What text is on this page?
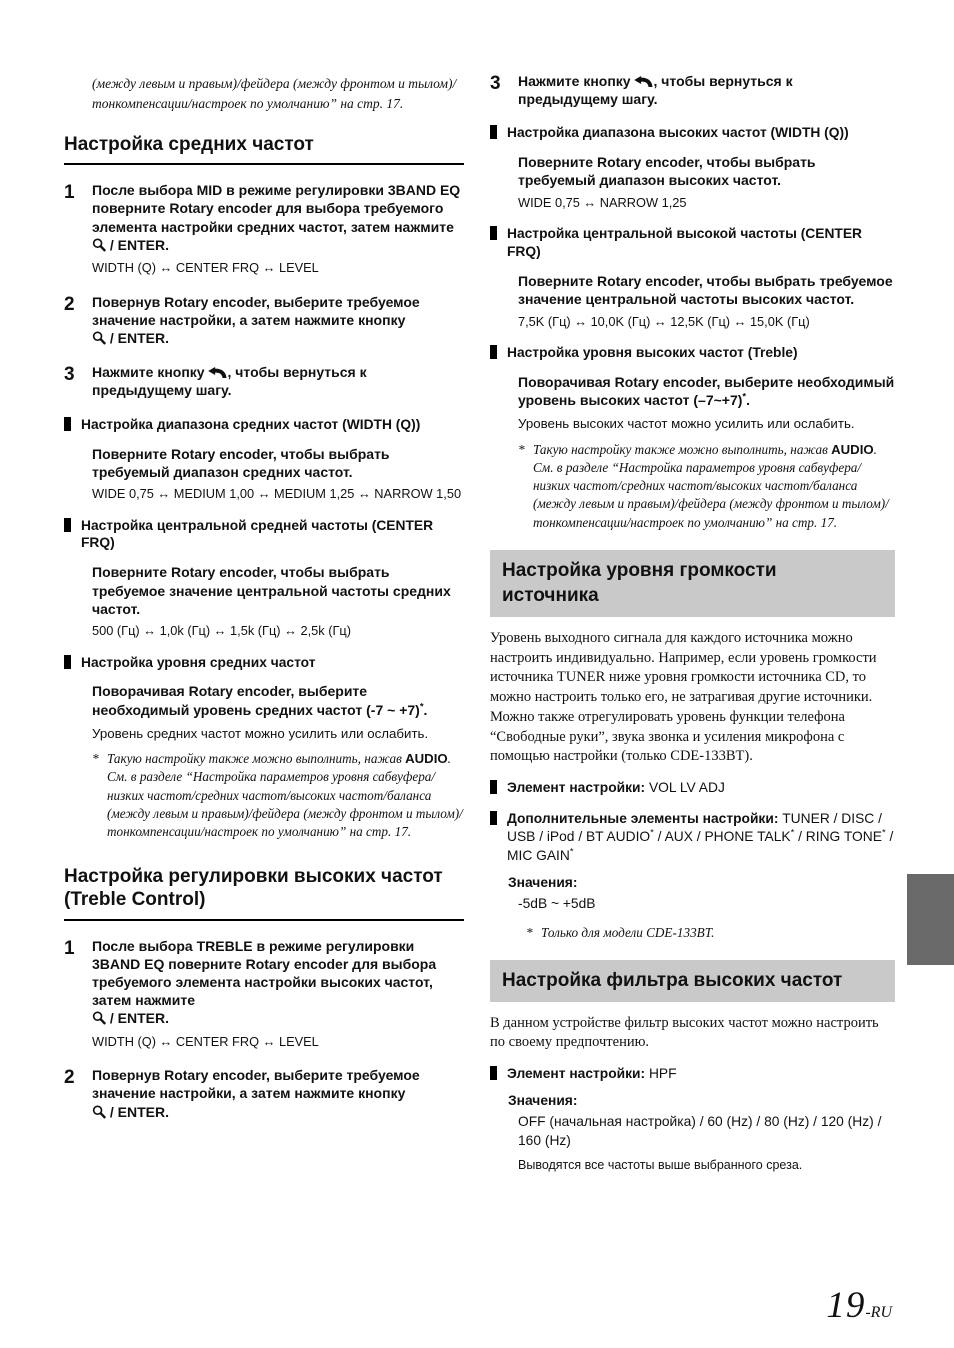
(между левым и правым)/фейдера (между фронтом и тылом)/тонкомпенсации/настроек по умолчанию” на стр. 17.

Настройка средних частот
1	После выбора MID в режиме регулировки 3BAND EQ поверните Rotary encoder для выбора требуемого элемента настройки средних частот, затем нажмите
/ ENTER.
WIDTH (Q) ↔ CENTER FRQ ↔ LEVEL
2	Повернув Rotary encoder, выберите требуемое значение настройки, а затем нажмите кнопку
/ ENTER.
3	Нажмите кнопку , чтобы вернуться к предыдущему шагу.
Настройка диапазона средних частот (WIDTH (Q))
Поверните Rotary encoder, чтобы выбрать требуемый диапазон средних частот.
WIDE 0,75 ↔ MEDIUM 1,00 ↔ MEDIUM 1,25 ↔ NARROW 1,50
Настройка центральной средней частоты (CENTER FRQ)
Поверните Rotary encoder, чтобы выбрать требуемое значение центральной частоты средних частот.
500 (Гц) ↔ 1,0k (Гц) ↔ 1,5k (Гц) ↔ 2,5k (Гц)
Настройка уровня средних частот
Поворачивая Rotary encoder, выберите необходимый уровень средних частот (-7 ~ +7)*.
Уровень средних частот можно усилить или ослабить.
* Такую настройку также можно выполнить, нажав AUDIO. См. в разделе “Настройка параметров уровня сабвуфера/низких частот/средних частот/высоких частот/баланса (между левым и правым)/фейдера (между фронтом и тылом)/тонкомпенсации/настроек по умолчанию” на стр. 17.
Настройка регулировки высоких частот
(Treble Control)
1	После выбора TREBLE в режиме регулировки 3BAND EQ поверните Rotary encoder для выбора требуемого элемента настройки высоких частот, затем нажмите
/ ENTER.
WIDTH (Q) ↔ CENTER FRQ ↔ LEVEL
2	Повернув Rotary encoder, выберите требуемое значение настройки, а затем нажмите кнопку
/ ENTER.
3	Нажмите кнопку , чтобы вернуться к предыдущему шагу.
Настройка диапазона высоких частот (WIDTH (Q))
Поверните Rotary encoder, чтобы выбрать требуемый диапазон высоких частот.
WIDE 0,75 ↔ NARROW 1,25
Настройка центральной высокой частоты (CENTER FRQ)
Поверните Rotary encoder, чтобы выбрать требуемое значение центральной частоты высоких частот.
7,5K (Гц) ↔ 10,0K (Гц) ↔ 12,5K (Гц) ↔ 15,0K (Гц)
Настройка уровня высоких частот (Treble)
Поворачивая Rotary encoder, выберите необходимый уровень высоких частот (–7~+7)*.
Уровень высоких частот можно усилить или ослабить.
* Такую настройку также можно выполнить, нажав AUDIO. См. в разделе “Настройка параметров уровня сабвуфера/низких частот/средних частот/высоких частот/баланса (между левым и правым)/фейдера (между фронтом и тылом)/тонкомпенсации/настроек по умолчанию” на стр. 17.
Настройка уровня громкости
источника

Уровень выходного сигнала для каждого источника можно настроить индивидуально. Например, если уровень громкости источника TUNER ниже уровня громкости источника CD, то можно настроить только его, не затрагивая другие источники. Можно также отрегулировать уровень функции телефона “Свободные руки”, звука звонка и усиления микрофона с помощью настройки (только CDE-133BT).

Элемент настройки: VOL LV ADJ
Дополнительные элементы настройки: TUNER / DISC / USB / iPod / BT AUDIO* / AUX / PHONE TALK* / RING TONE* / MIC GAIN*
Значения:
-5dB ~ +5dB
* Только для модели CDE-133BT.
Настройка фильтра высоких частот

В данном устройстве фильтр высоких частот можно настроить по своему предпочтению.

Элемент настройки: HPF
Значения:
OFF (начальная настройка) / 60 (Hz) / 80 (Hz) / 120 (Hz) / 160 (Hz)
Выводятся все частоты выше выбранного среза.
19-RU
